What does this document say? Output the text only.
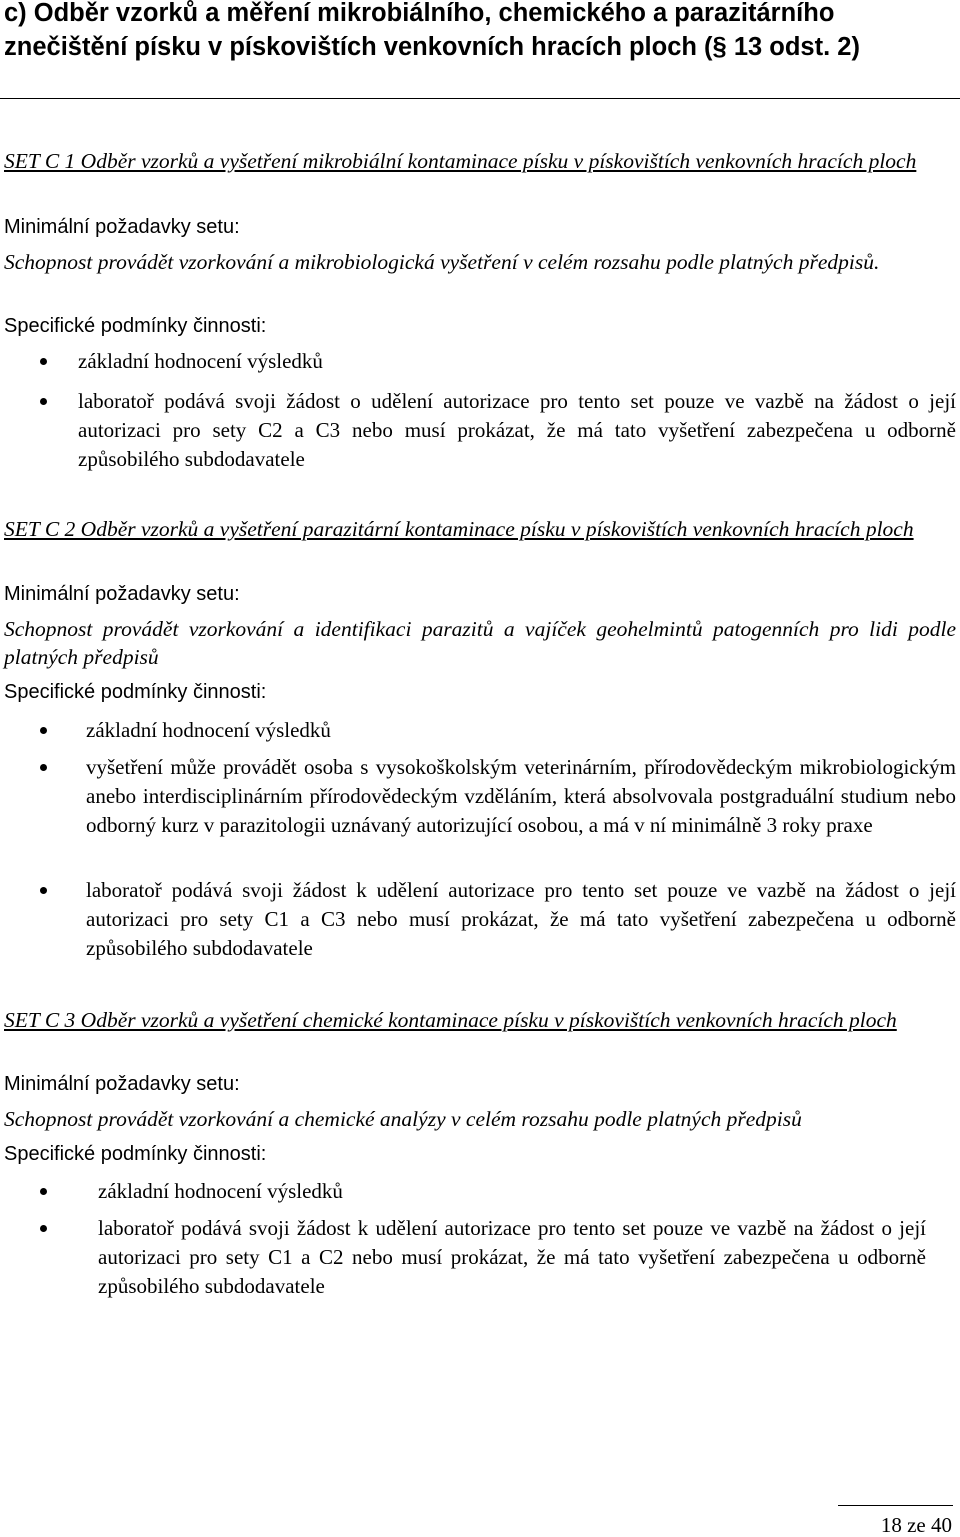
c) Odběr vzorků a měření mikrobiálního, chemického a parazitárního znečištění písku v pískovištích venkovních hracích ploch (§ 13 odst. 2)

SET C 1 Odběr vzorků a vyšetření mikrobiální kontaminace písku v pískovištích venkovních hracích ploch

Minimální požadavky setu:

Schopnost provádět vzorkování a mikrobiologická vyšetření v celém rozsahu podle platných předpisů.

Specifické podmínky činnosti:

základní hodnocení výsledků

laboratoř podává svoji žádost o udělení autorizace pro tento set pouze ve vazbě na žádost o její autorizaci pro sety C2 a C3 nebo musí prokázat, že má tato vyšetření zabezpečena u odborně způsobilého subdodavatele

SET C 2 Odběr vzorků a vyšetření parazitární kontaminace písku v pískovištích venkovních hracích ploch

Minimální požadavky setu:

Schopnost provádět vzorkování a identifikaci parazitů a vajíček geohelmintů patogenních pro lidi podle platných předpisů

Specifické podmínky činnosti:

základní hodnocení výsledků

vyšetření může provádět osoba s vysokoškolským veterinárním, přírodovědeckým mikrobiologickým anebo interdisciplinárním přírodovědeckým vzděláním, která absolvovala postgraduální studium nebo odborný kurz v parazitologii uznávaný autorizující osobou, a má v ní minimálně 3 roky praxe

laboratoř podává svoji žádost k udělení autorizace pro tento set pouze ve vazbě na žádost o její autorizaci pro sety C1 a C3 nebo musí prokázat, že má tato vyšetření zabezpečena u odborně způsobilého subdodavatele

SET C 3 Odběr vzorků a vyšetření chemické kontaminace písku v pískovištích venkovních hracích ploch

Minimální požadavky setu:

Schopnost provádět vzorkování a chemické analýzy v celém rozsahu podle platných předpisů

Specifické podmínky činnosti:

základní hodnocení výsledků

laboratoř podává svoji žádost k udělení autorizace pro tento set pouze ve vazbě na žádost o její autorizaci pro sety C1 a C2 nebo musí prokázat, že má tato vyšetření zabezpečena u odborně způsobilého subdodavatele

18 ze 40
